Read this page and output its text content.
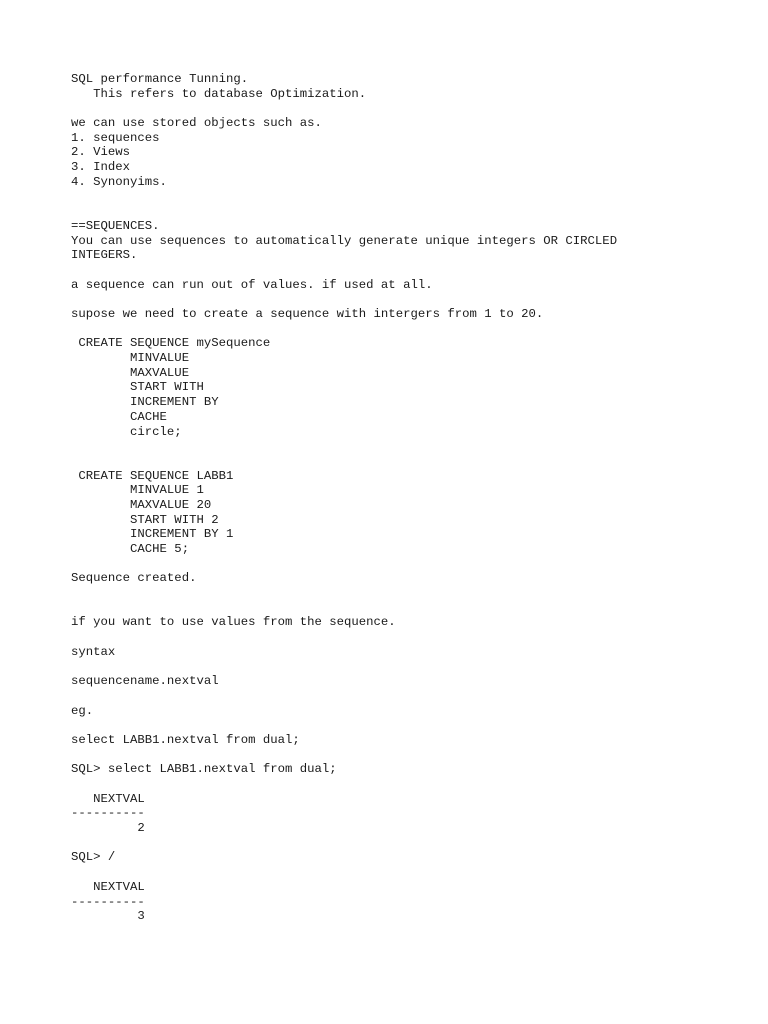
SQL performance Tunning.
This refers to database Optimization.
we can use stored objects such as.
1. sequences
2. Views
3. Index
4. Synonyims.
==SEQUENCES.
You can use sequences to automatically generate unique integers OR CIRCLED
INTEGERS.
a sequence can run out of values. if used at all.
supose we need to create a sequence with intergers from 1 to 20.
CREATE SEQUENCE mySequence
MINVALUE
MAXVALUE
START WITH
INCREMENT BY
CACHE
circle;
CREATE SEQUENCE LABB1
MINVALUE 1
MAXVALUE 20
START WITH 2
INCREMENT BY 1
CACHE 5;
Sequence created.
if you want to use values from the sequence.
syntax
sequencename.nextval
eg.
select LABB1.nextval from dual;
SQL> select LABB1.nextval from dual;
NEXTVAL
----------
2
SQL> /
NEXTVAL
----------
3
